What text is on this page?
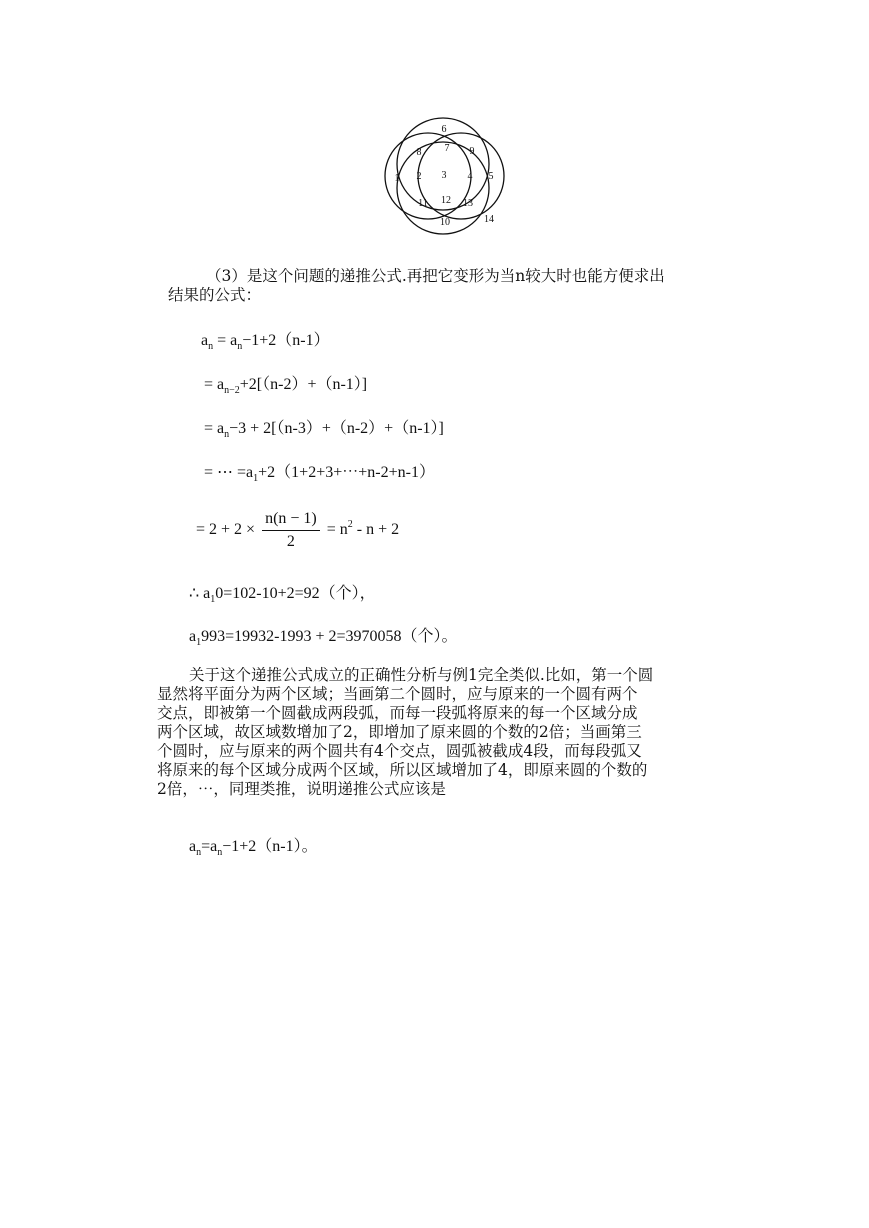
1 2 3 4 5
6
7
8	9
10
11 12 13
14
（3）是这个问题的递推公式.再把它变形为当n较大时也能方便求出
结果的公式：
$a_n = a_n-1+2(n-1)$
= $a_{n-2}+2[(n-2)+(n-1)]$
= $a_n-3 + 2[(n-3)+(n-2)+(n-1)]$
= ⋯ $=a_1+2(1+2+3+\cdots+n-2+n-1)$
= $2 + 2 \times \frac{n(n - 1)}{2} = n^2 - n + 2$
∴ $a_10=102-10+2=92$（个），
$a_1993=19932-1993 + 2=3970058$（个）。
关于这个递推公式成立的正确性分析与例1完全类似.比如，第一个圆
显然将平面分为两个区域；当画第二个圆时，应与原来的一个圆有两个
交点，即被第一个圆截成两段弧，而每一段弧将原来的每一个区域分成
两个区域，故区域数增加了2，即增加了原来圆的个数的2倍；当画第三
个圆时，应与原来的两个圆共有4个交点，圆弧被截成4段，而每段弧又
将原来的每个区域分成两个区域，所以区域增加了4，即原来圆的个数的
2倍，⋯，同理类推，说明递推公式应该是
$a_n=a_n-1+2(n-1)$。
